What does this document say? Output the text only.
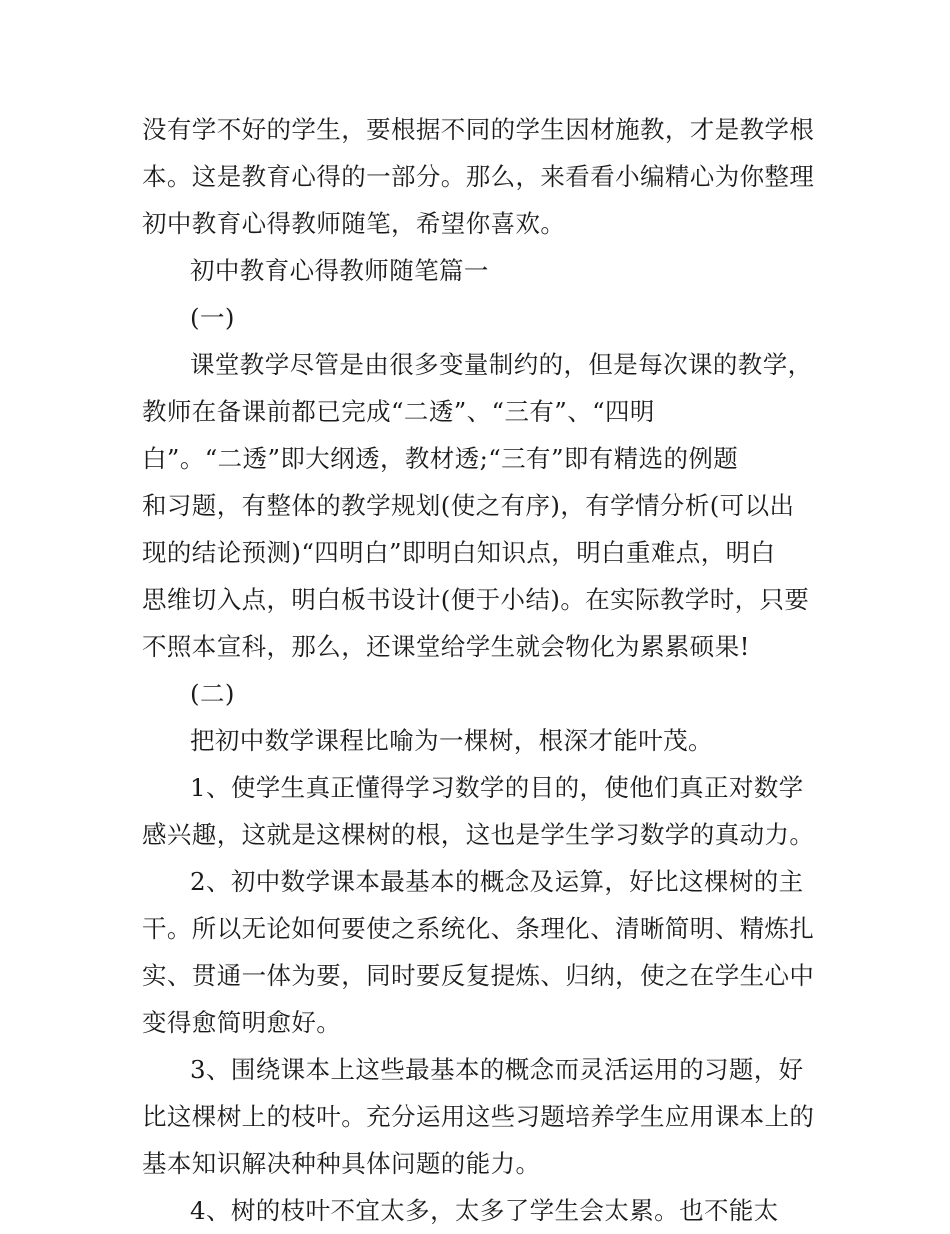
没有学不好的学生，要根据不同的学生因材施教，才是教学根
本。这是教育心得的一部分。那么，来看看小编精心为你整理
初中教育心得教师随笔，希望你喜欢。
初中教育心得教师随笔篇一
(一)
课堂教学尽管是由很多变量制约的，但是每次课的教学，
教师在备课前都已完成“二透”、“三有”、“四明
白”。“二透”即大纲透，教材透;“三有”即有精选的例题
和习题，有整体的教学规划(使之有序)，有学情分析(可以出
现的结论预测)“四明白”即明白知识点，明白重难点，明白
思维切入点，明白板书设计(便于小结)。在实际教学时，只要
不照本宣科，那么，还课堂给学生就会物化为累累硕果!
(二)
把初中数学课程比喻为一棵树，根深才能叶茂。
1、使学生真正懂得学习数学的目的，使他们真正对数学
感兴趣，这就是这棵树的根，这也是学生学习数学的真动力。
2、初中数学课本最基本的概念及运算，好比这棵树的主
干。所以无论如何要使之系统化、条理化、清晰简明、精炼扎
实、贯通一体为要，同时要反复提炼、归纳，使之在学生心中
变得愈简明愈好。
3、围绕课本上这些最基本的概念而灵活运用的习题，好
比这棵树上的枝叶。充分运用这些习题培养学生应用课本上的
基本知识解决种种具体问题的能力。
4、树的枝叶不宜太多，太多了学生会太累。也不能太
